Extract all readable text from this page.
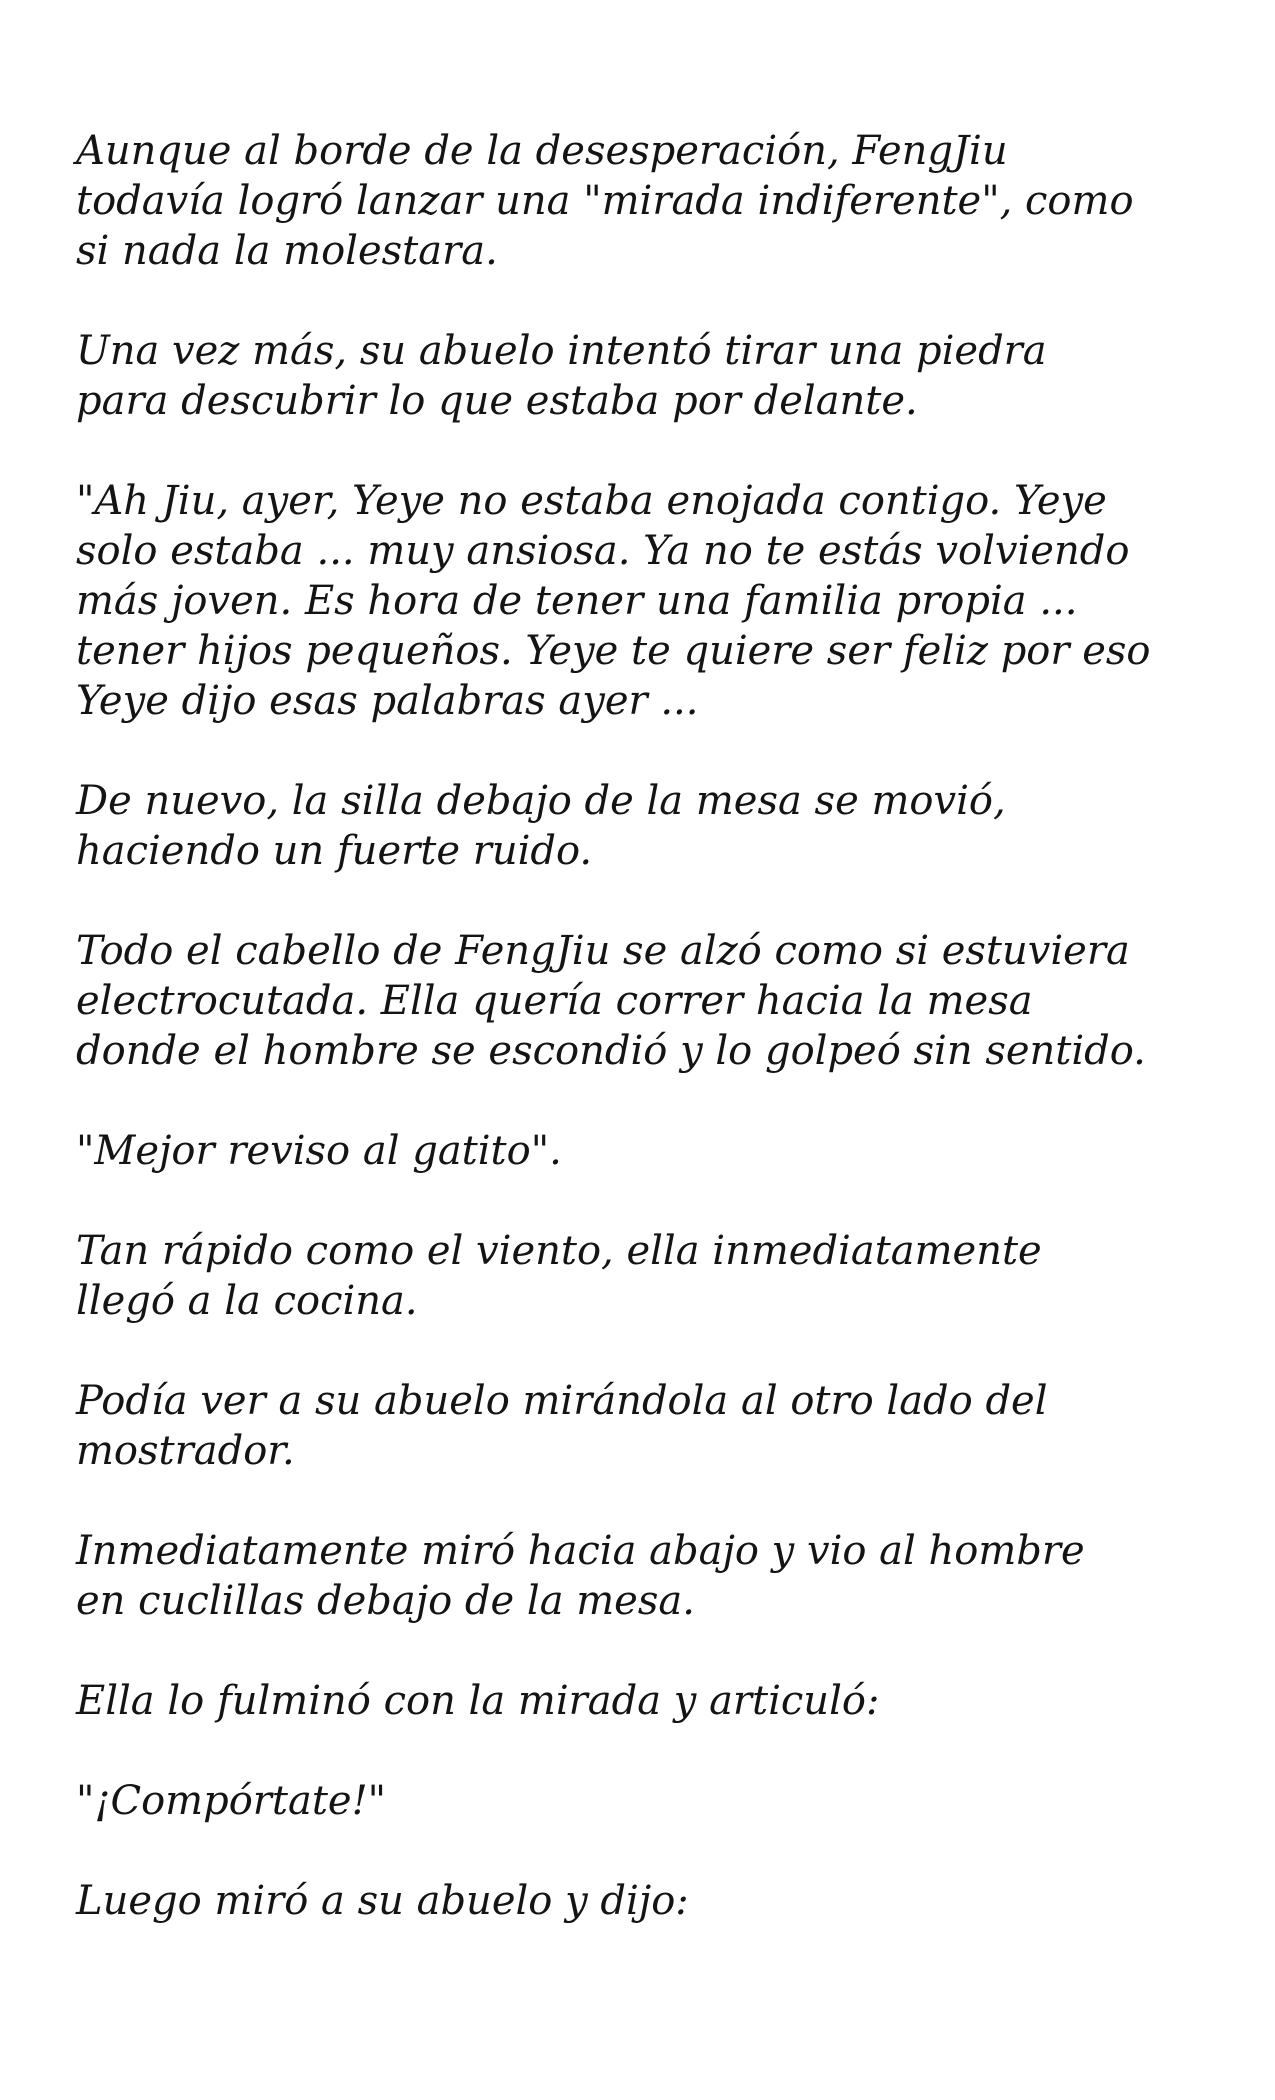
Aunque al borde de la desesperación, FengJiu
todavía logró lanzar una "mirada indiferente", como
si nada la molestara.

Una vez más, su abuelo intentó tirar una piedra
para descubrir lo que estaba por delante.

"Ah Jiu, ayer, Yeye no estaba enojada contigo. Yeye
solo estaba ... muy ansiosa. Ya no te estás volviendo
más joven. Es hora de tener una familia propia ...
tener hijos pequeños. Yeye te quiere ser feliz por eso
Yeye dijo esas palabras ayer ...

De nuevo, la silla debajo de la mesa se movió,
haciendo un fuerte ruido.

Todo el cabello de FengJiu se alzó como si estuviera
electrocutada. Ella quería correr hacia la mesa
donde el hombre se escondió y lo golpeó sin sentido.

"Mejor reviso al gatito".

Tan rápido como el viento, ella inmediatamente
llegó a la cocina.

Podía ver a su abuelo mirándola al otro lado del
mostrador.

Inmediatamente miró hacia abajo y vio al hombre
en cuclillas debajo de la mesa.

Ella lo fulminó con la mirada y articuló:

"¡Compórtate!"

Luego miró a su abuelo y dijo:
